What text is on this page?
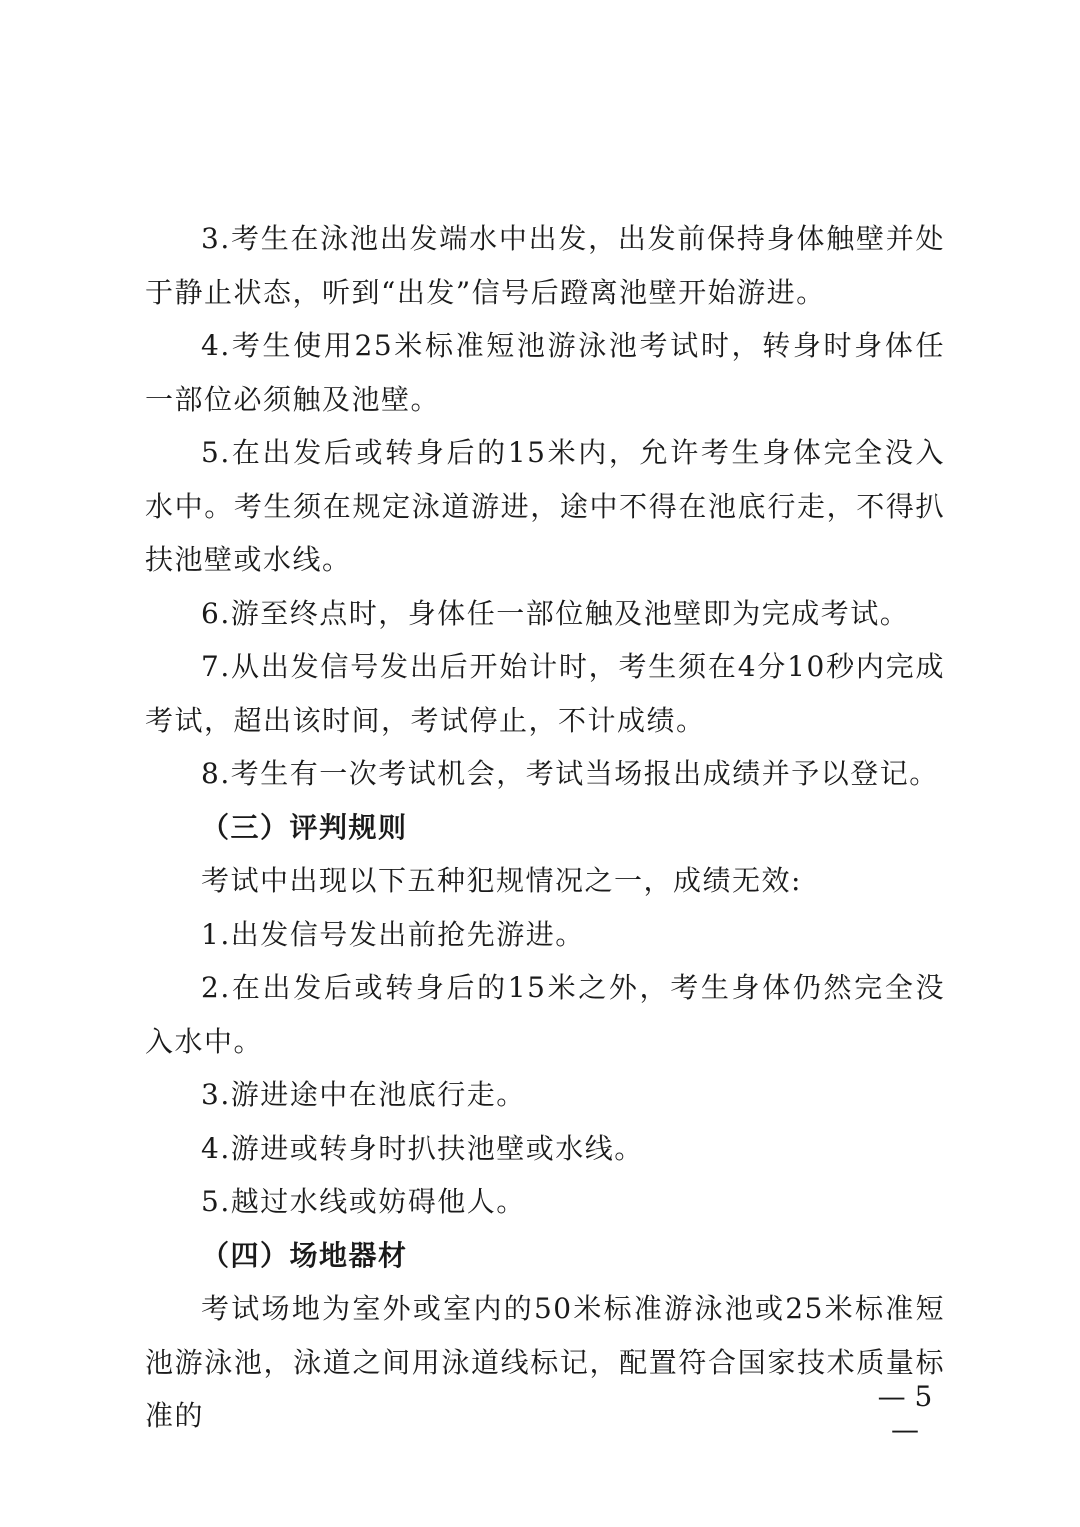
3.考生在泳池出发端水中出发，出发前保持身体触壁并处于静止状态，听到“出发”信号后蹬离池壁开始游进。

4.考生使用25米标准短池游泳池考试时，转身时身体任一部位必须触及池壁。

5.在出发后或转身后的15米内，允许考生身体完全没入水中。考生须在规定泳道游进，途中不得在池底行走，不得扒扶池壁或水线。

6.游至终点时，身体任一部位触及池壁即为完成考试。

7.从出发信号发出后开始计时，考生须在4分10秒内完成考试，超出该时间，考试停止，不计成绩。

8.考生有一次考试机会，考试当场报出成绩并予以登记。

（三）评判规则

考试中出现以下五种犯规情况之一，成绩无效:

1.出发信号发出前抢先游进。

2.在出发后或转身后的15米之外，考生身体仍然完全没入水中。

3.游进途中在池底行走。

4.游进或转身时扒扶池壁或水线。

5.越过水线或妨碍他人。

（四）场地器材

考试场地为室外或室内的50米标准游泳池或25米标准短池游泳池，泳道之间用泳道线标记，配置符合国家技术质量标准的

— 5 —
